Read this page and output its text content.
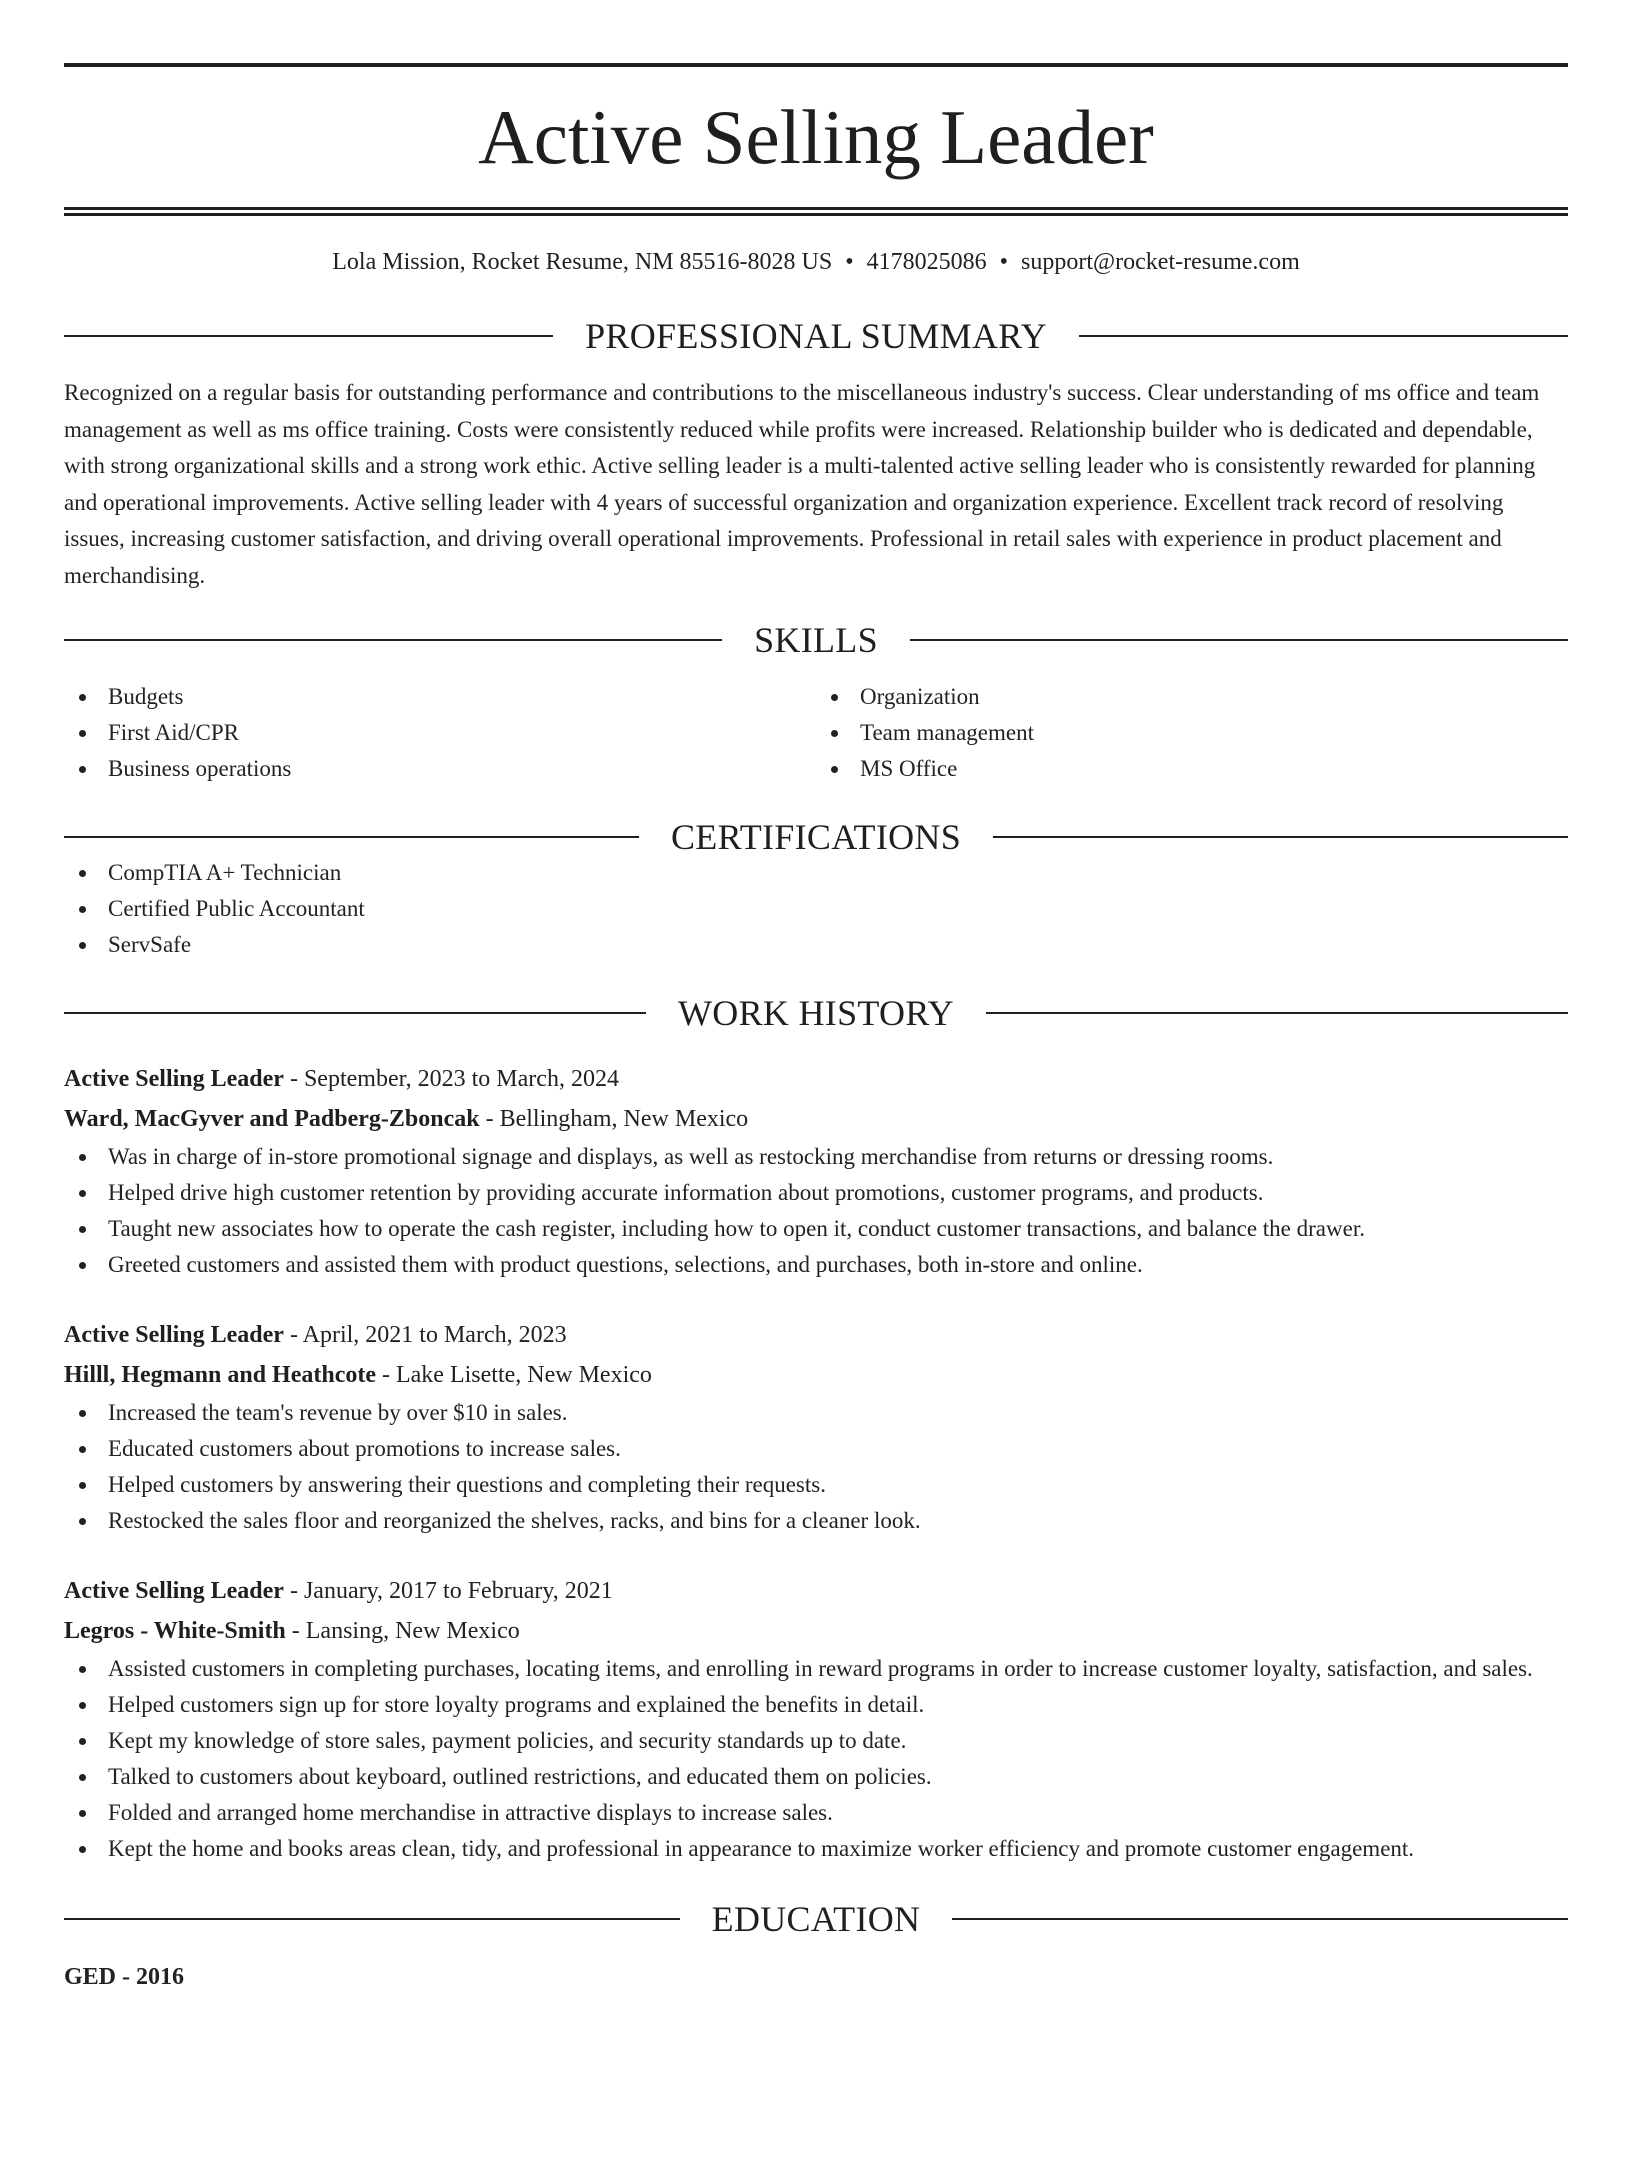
Active Selling Leader
Lola Mission, Rocket Resume, NM 85516-8028 US • 4178025086 • support@rocket-resume.com
PROFESSIONAL SUMMARY

Recognized on a regular basis for outstanding performance and contributions to the miscellaneous industry's success. Clear understanding of ms office and team management as well as ms office training. Costs were consistently reduced while profits were increased. Relationship builder who is dedicated and dependable, with strong organizational skills and a strong work ethic. Active selling leader is a multi-talented active selling leader who is consistently rewarded for planning and operational improvements. Active selling leader with 4 years of successful organization and organization experience. Excellent track record of resolving issues, increasing customer satisfaction, and driving overall operational improvements. Professional in retail sales with experience in product placement and merchandising.

SKILLS
Budgets
First Aid/CPR
Business operations
Organization
Team management
MS Office
CERTIFICATIONS
CompTIA A+ Technician
Certified Public Accountant
ServSafe
WORK HISTORY
Active Selling Leader - September, 2023 to March, 2024
Ward, MacGyver and Padberg-Zboncak - Bellingham, New Mexico
Was in charge of in-store promotional signage and displays, as well as restocking merchandise from returns or dressing rooms.
Helped drive high customer retention by providing accurate information about promotions, customer programs, and products.
Taught new associates how to operate the cash register, including how to open it, conduct customer transactions, and balance the drawer.
Greeted customers and assisted them with product questions, selections, and purchases, both in-store and online.
Active Selling Leader - April, 2021 to March, 2023
Hilll, Hegmann and Heathcote - Lake Lisette, New Mexico
Increased the team's revenue by over $10 in sales.
Educated customers about promotions to increase sales.
Helped customers by answering their questions and completing their requests.
Restocked the sales floor and reorganized the shelves, racks, and bins for a cleaner look.
Active Selling Leader - January, 2017 to February, 2021
Legros - White-Smith - Lansing, New Mexico
Assisted customers in completing purchases, locating items, and enrolling in reward programs in order to increase customer loyalty, satisfaction, and sales.
Helped customers sign up for store loyalty programs and explained the benefits in detail.
Kept my knowledge of store sales, payment policies, and security standards up to date.
Talked to customers about keyboard, outlined restrictions, and educated them on policies.
Folded and arranged home merchandise in attractive displays to increase sales.
Kept the home and books areas clean, tidy, and professional in appearance to maximize worker efficiency and promote customer engagement.
EDUCATION
GED - 2016
